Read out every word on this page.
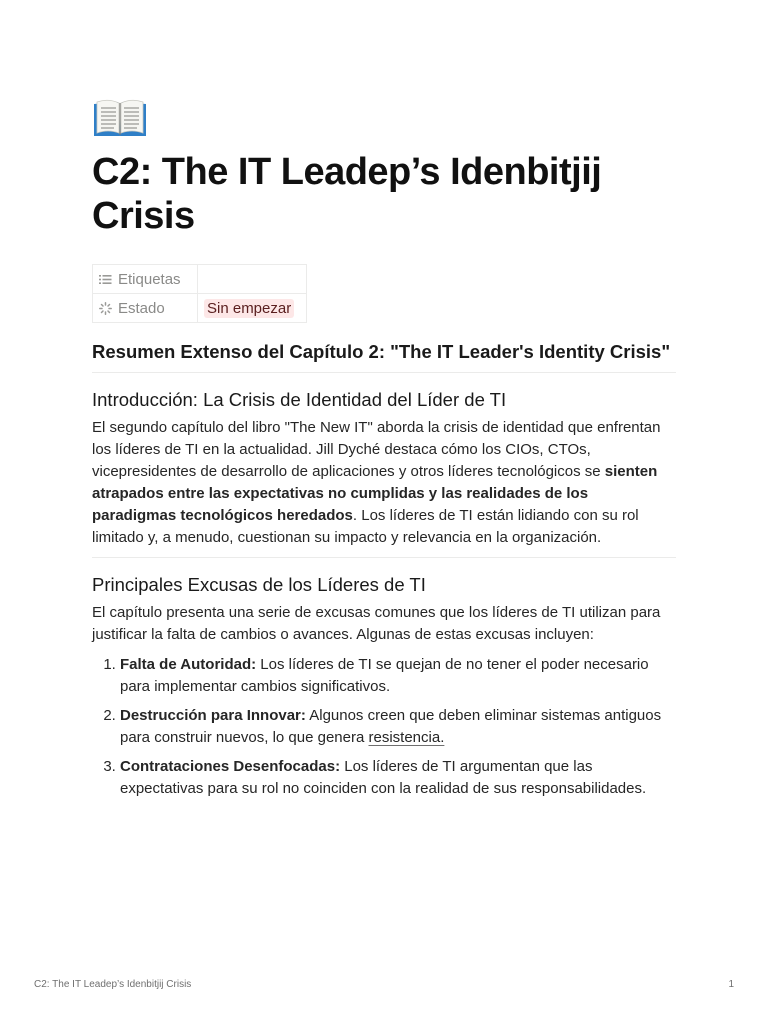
C2: The IT Leadep’s Idenbitjij Crisis
Etiquetas	
Estado	Sin empezar
Resumen Extenso del Capítulo 2: "The IT Leader's Identity Crisis"
Introducción: La Crisis de Identidad del Líder de TI

El segundo capítulo del libro "The New IT" aborda la crisis de identidad que enfrentan los líderes de TI en la actualidad. Jill Dyché destaca cómo los CIOs, CTOs, vicepresidentes de desarrollo de aplicaciones y otros líderes tecnológicos se sienten atrapados entre las expectativas no cumplidas y las realidades de los paradigmas tecnológicos heredados. Los líderes de TI están lidiando con su rol limitado y, a menudo, cuestionan su impacto y relevancia en la organización.

Principales Excusas de los Líderes de TI

El capítulo presenta una serie de excusas comunes que los líderes de TI utilizan para justificar la falta de cambios o avances. Algunas de estas excusas incluyen:

1. Falta de Autoridad: Los líderes de TI se quejan de no tener el poder necesario para implementar cambios significativos.
2. Destrucción para Innovar: Algunos creen que deben eliminar sistemas antiguos para construir nuevos, lo que genera resistencia.
3. Contrataciones Desenfocadas: Los líderes de TI argumentan que las expectativas para su rol no coinciden con la realidad de sus responsabilidades.
C2: The IT Leadep’s Idenbitjij Crisis	1
